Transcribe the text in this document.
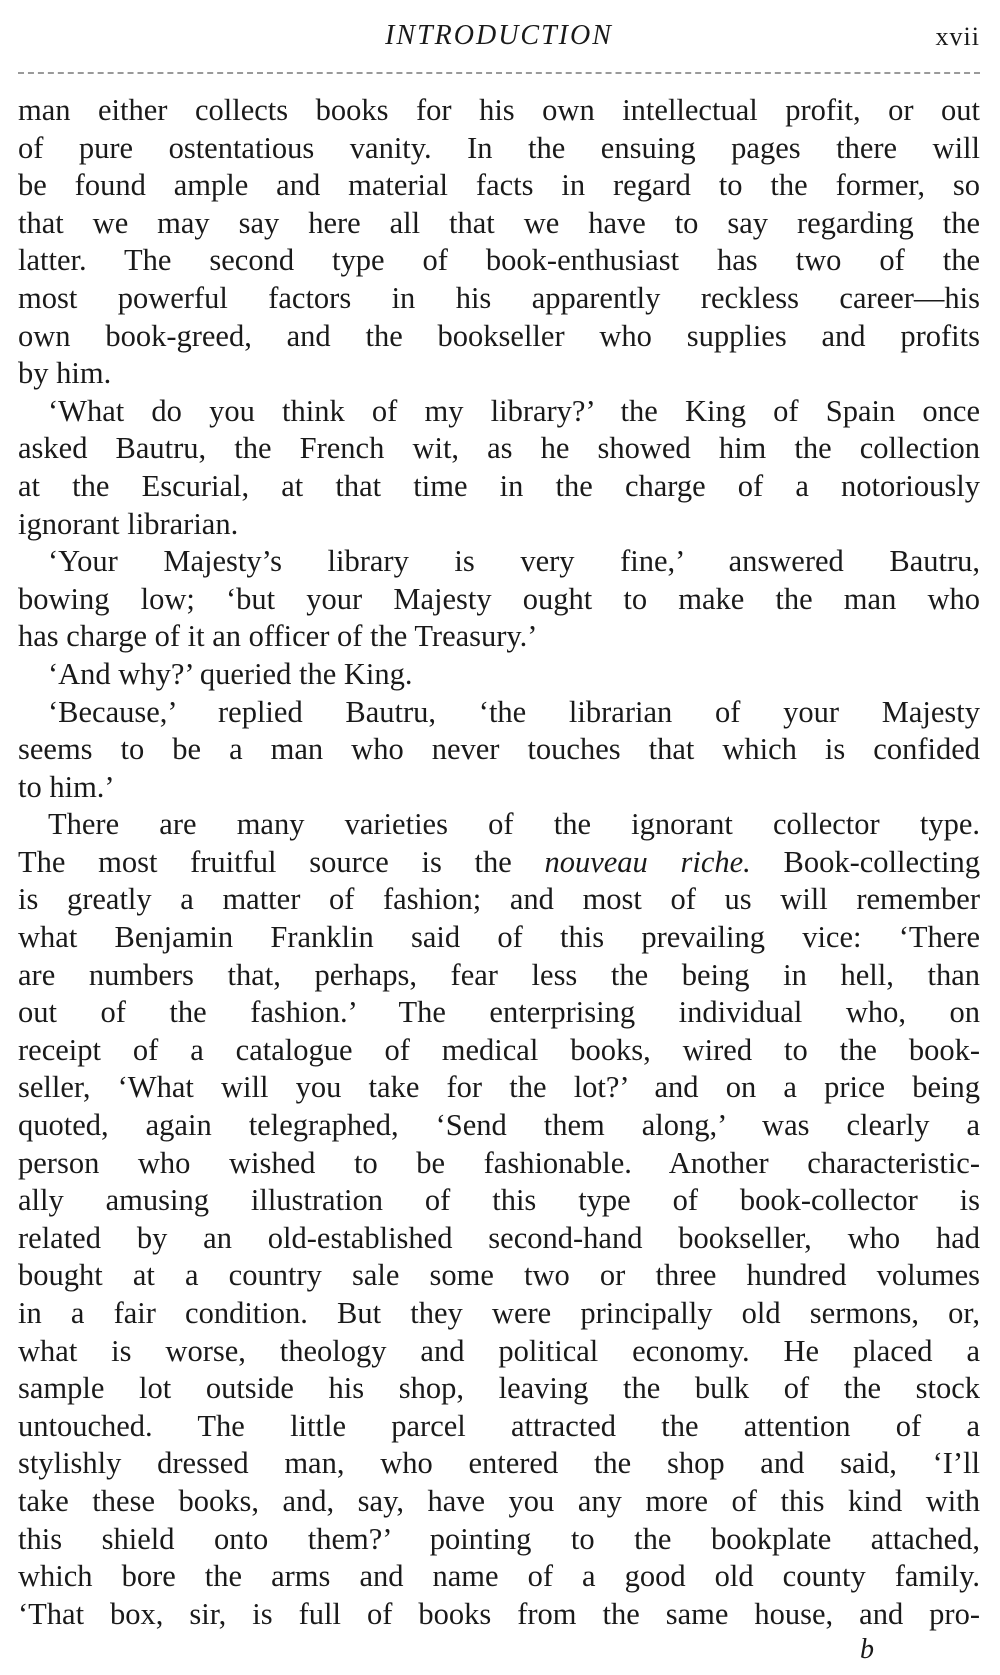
INTRODUCTION	xvii
man either collects books for his own intellectual profit, or out
of pure ostentatious vanity. In the ensuing pages there will
be found ample and material facts in regard to the former, so
that we may say here all that we have to say regarding the
latter. The second type of book-enthusiast has two of the
most powerful factors in his apparently reckless career—his
own book-greed, and the bookseller who supplies and profits
by him.
‘What do you think of my library?’ the King of Spain once
asked Bautru, the French wit, as he showed him the collection
at the Escurial, at that time in the charge of a notoriously
ignorant librarian.
‘Your Majesty’s library is very fine,’ answered Bautru,
bowing low; ‘but your Majesty ought to make the man who
has charge of it an officer of the Treasury.’
‘And why?’ queried the King.
‘Because,’ replied Bautru, ‘the librarian of your Majesty
seems to be a man who never touches that which is confided
to him.’
There are many varieties of the ignorant collector type.
The most fruitful source is the nouveau riche. Book-collecting
is greatly a matter of fashion; and most of us will remember
what Benjamin Franklin said of this prevailing vice: ‘There
are numbers that, perhaps, fear less the being in hell, than
out of the fashion.’ The enterprising individual who, on
receipt of a catalogue of medical books, wired to the book-
seller, ‘What will you take for the lot?’ and on a price being
quoted, again telegraphed, ‘Send them along,’ was clearly a
person who wished to be fashionable. Another characteristic-
ally amusing illustration of this type of book-collector is
related by an old-established second-hand bookseller, who had
bought at a country sale some two or three hundred volumes
in a fair condition. But they were principally old sermons, or,
what is worse, theology and political economy. He placed a
sample lot outside his shop, leaving the bulk of the stock
untouched. The little parcel attracted the attention of a
stylishly dressed man, who entered the shop and said, ‘I’ll
take these books, and, say, have you any more of this kind with
this shield onto them?’ pointing to the bookplate attached,
which bore the arms and name of a good old county family.
‘That box, sir, is full of books from the same house, and pro-
b
